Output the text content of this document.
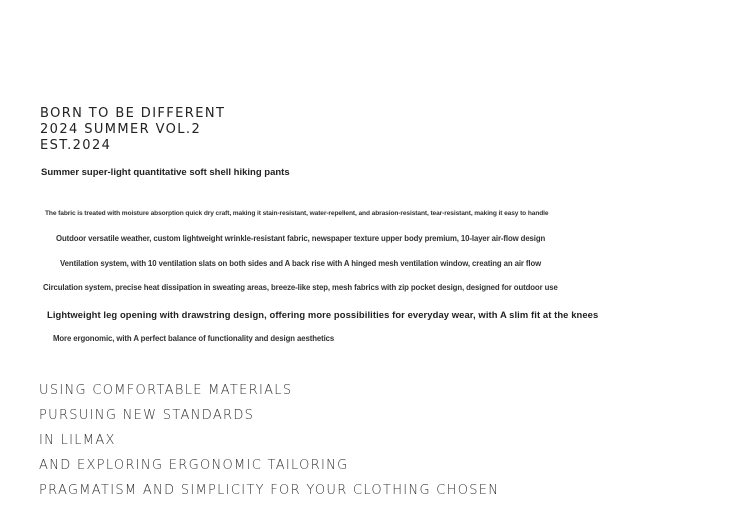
BORN TO BE DIFFERENT
2024 SUMMER VOL.2
EST.2024
Summer super-light quantitative soft shell hiking pants
The fabric is treated with moisture absorption quick dry craft, making it stain-resistant, water-repellent, and abrasion-resistant, tear-resistant, making it easy to handle
Outdoor versatile weather, custom lightweight wrinkle-resistant fabric, newspaper texture upper body premium, 10-layer air-flow design
Ventilation system, with 10 ventilation slats on both sides and A back rise with A hinged mesh ventilation window, creating an air flow
Circulation system, precise heat dissipation in sweating areas, breeze-like step, mesh fabrics with zip pocket design, designed for outdoor use
Lightweight leg opening with drawstring design, offering more possibilities for everyday wear, with A slim fit at the knees
More ergonomic, with A perfect balance of functionality and design aesthetics
USING COMFORTABLE MATERIALS
PURSUING NEW STANDARDS
IN LILMAX
AND EXPLORING ERGONOMIC TAILORING
PRAGMATISM AND SIMPLICITY FOR YOUR CLOTHING CHOSEN
